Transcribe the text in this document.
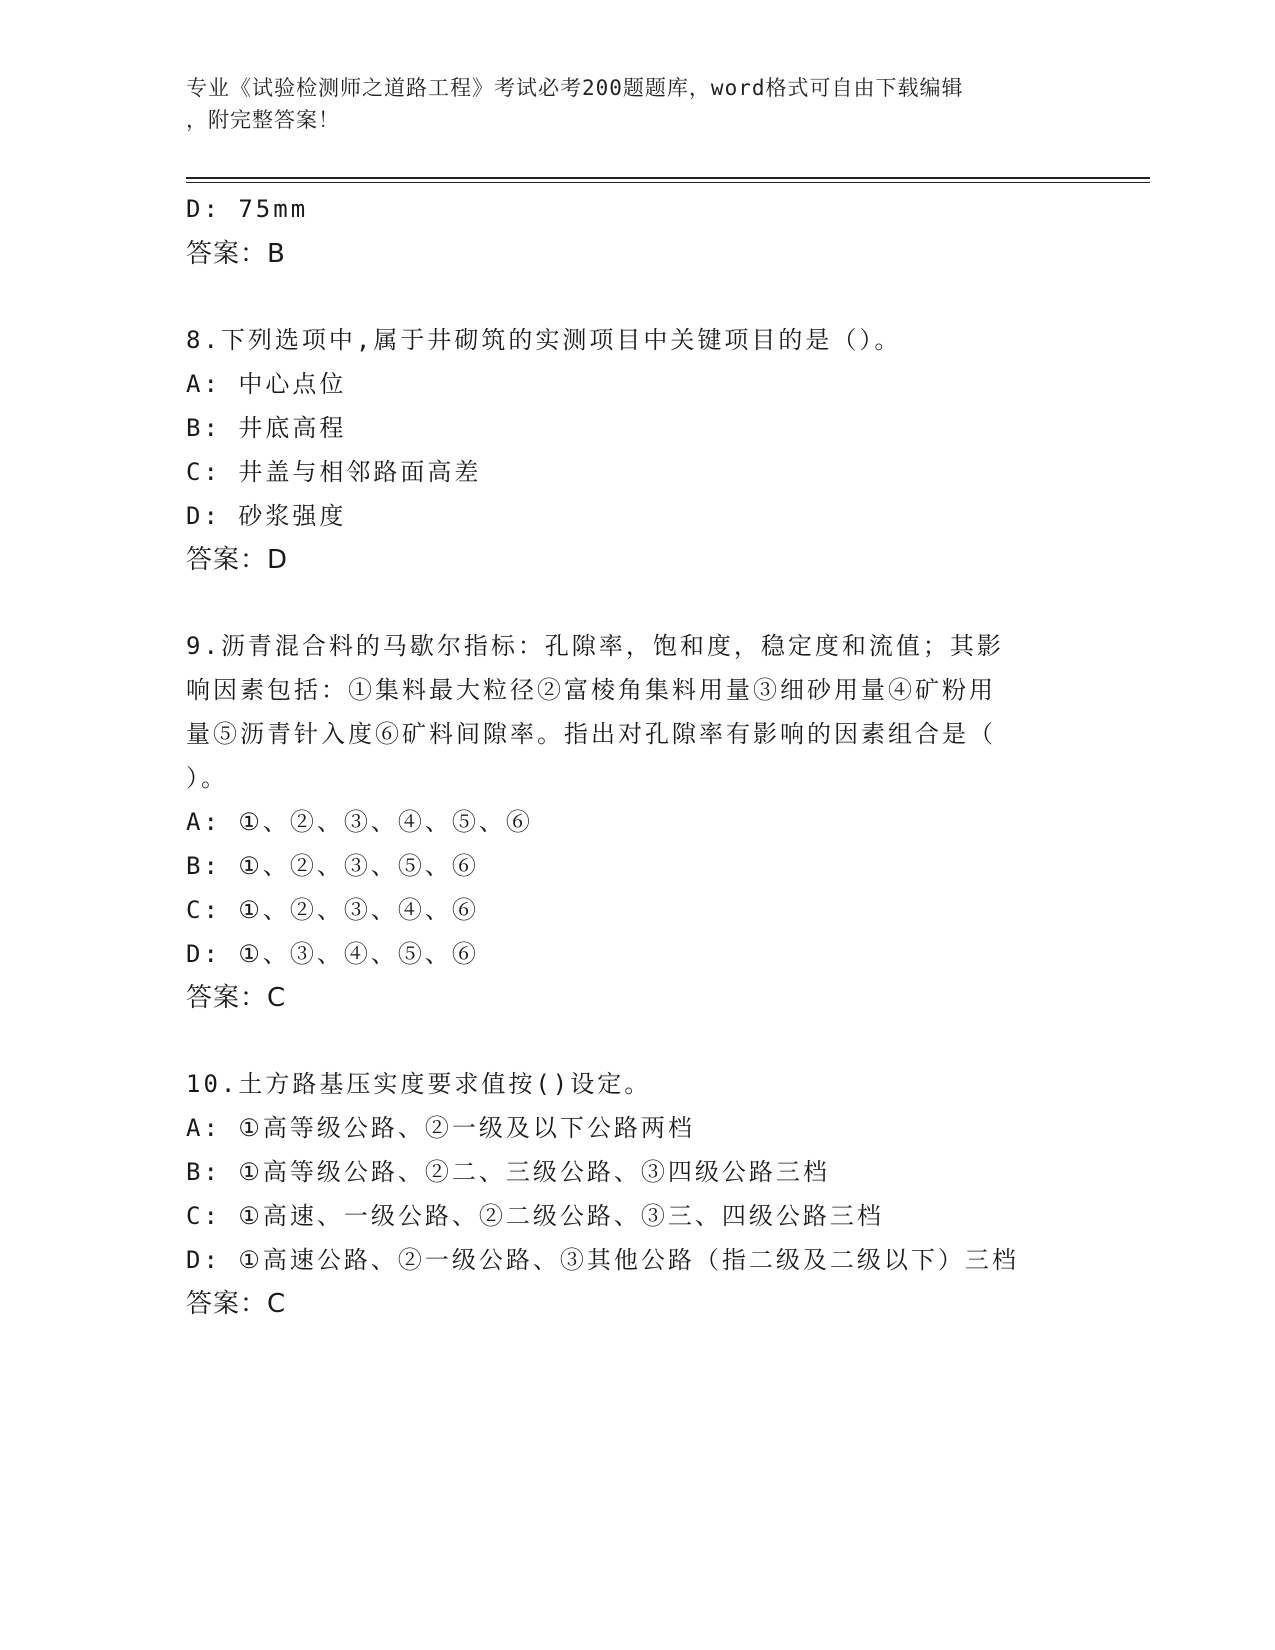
专业《试验检测师之道路工程》考试必考200题题库，word格式可自由下载编辑
，附完整答案！
D: 75mm
答案：B
8.下列选项中,属于井砌筑的实测项目中关键项目的是（）。
A: 中心点位
B: 井底高程
C: 井盖与相邻路面高差
D: 砂浆强度
答案：D
9.沥青混合料的马歇尔指标：孔隙率，饱和度，稳定度和流值；其影
响因素包括：①集料最大粒径②富棱角集料用量③细砂用量④矿粉用
量⑤沥青针入度⑥矿料间隙率。指出对孔隙率有影响的因素组合是（
）。
A: ①、②、③、④、⑤、⑥
B: ①、②、③、⑤、⑥
C: ①、②、③、④、⑥
D: ①、③、④、⑤、⑥
答案：C
10.土方路基压实度要求值按()设定。
A: ①高等级公路、②一级及以下公路两档
B: ①高等级公路、②二、三级公路、③四级公路三档
C: ①高速、一级公路、②二级公路、③三、四级公路三档
D: ①高速公路、②一级公路、③其他公路（指二级及二级以下）三档
答案：C
